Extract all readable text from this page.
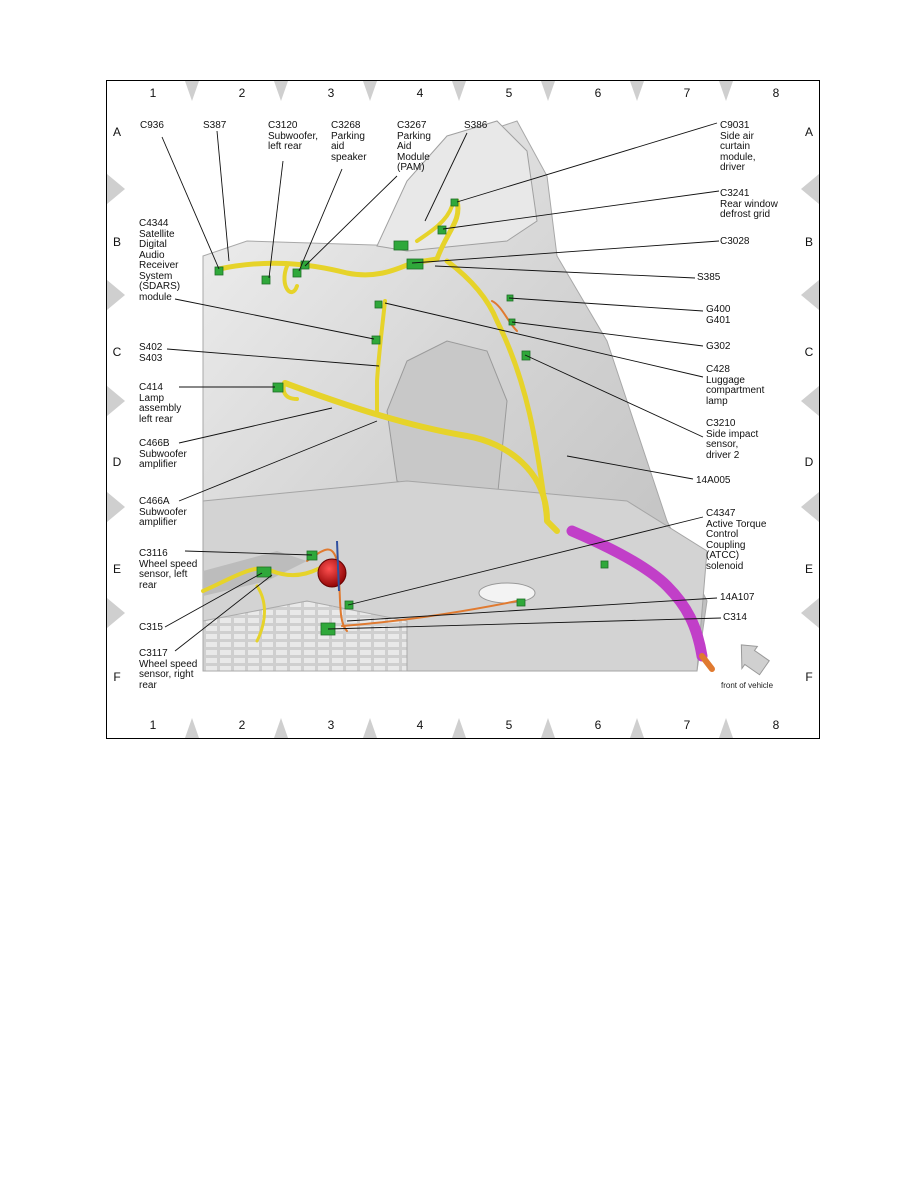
1	2	3	4	5	6	7	8
1	2	3	4	5	6	7	8
A
B
C
D
E
F
A
B
C
D
E
F
C936	S387	C3120
Subwoofer,
left rear
C3268
Parking
aid
speaker
C3267
Parking
Aid
Module
(PAM)
S386	C9031
Side air
curtain
module,
driver
C3241
Rear window
defrost grid
C3028
S385
G400
G401
G302
C428
Luggage
compartment
lamp
C3210
Side impact
sensor,
driver 2
C4344
Satellite
Digital
Audio
Receiver
System
(SDARS)
module
S402
S403
C414
Lamp
assembly
left rear
C466B
Subwoofer
amplifier
C466A
Subwoofer
amplifier
14A005
C4347
Active Torque
Control
Coupling
(ATCC)
solenoid
C3116
Wheel speed
sensor, left
rear
C315
C3117
Wheel speed
sensor, right
rear
14A107
C314
front of vehicle
